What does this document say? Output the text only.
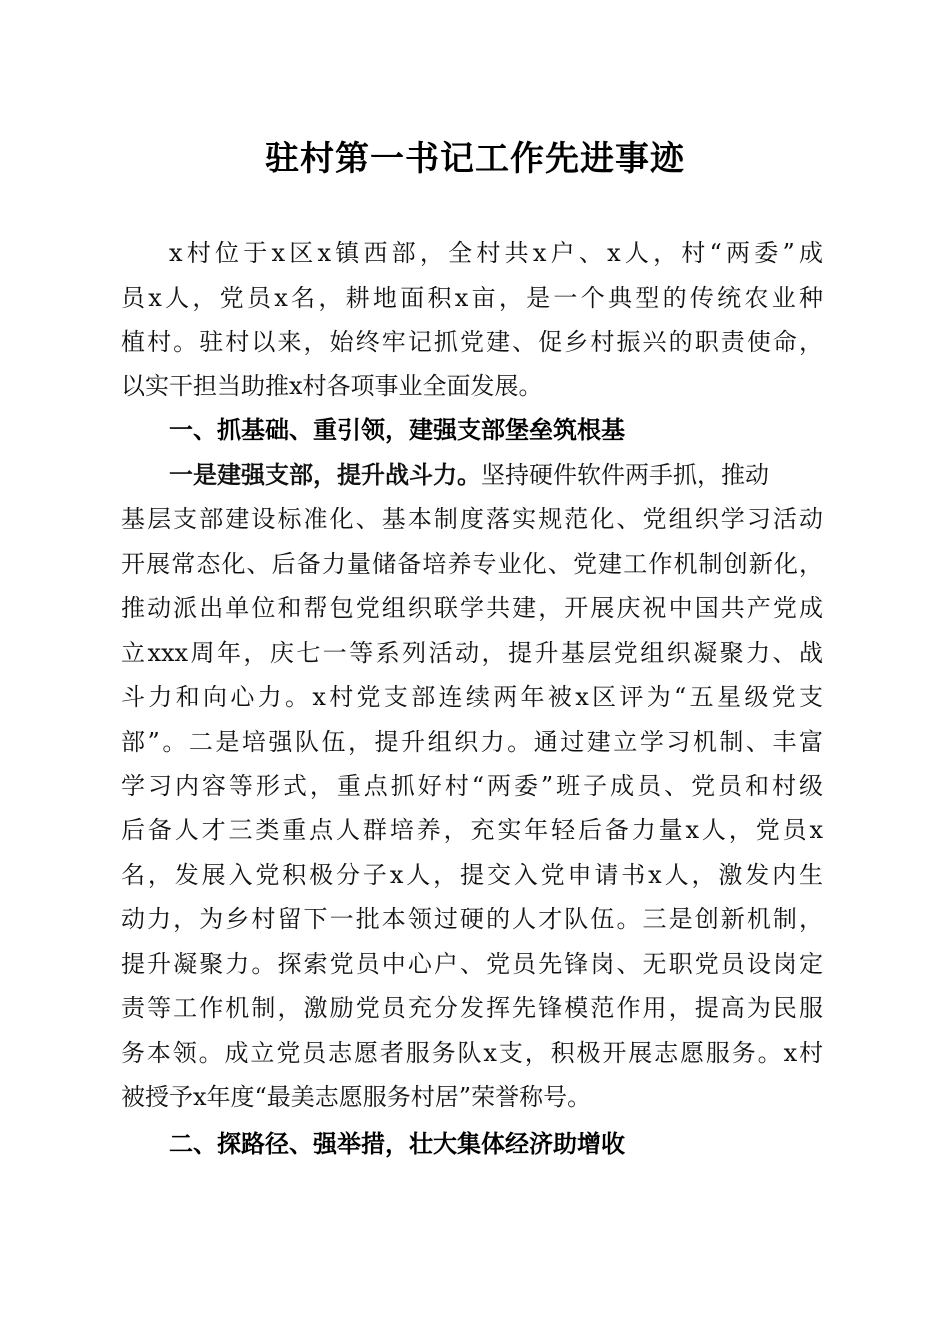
驻村第一书记工作先进事迹
x村位于x区x镇西部，全村共x户、x人，村“两委”成
员x人，党员x名，耕地面积x亩，是一个典型的传统农业种
植村。驻村以来，始终牢记抓党建、促乡村振兴的职责使命，
以实干担当助推x村各项事业全面发展。
一、抓基础、重引领，建强支部堡垒筑根基
一是建强支部，提升战斗力。坚持硬件软件两手抓，推动
基层支部建设标准化、基本制度落实规范化、党组织学习活动
开展常态化、后备力量储备培养专业化、党建工作机制创新化，
推动派出单位和帮包党组织联学共建，开展庆祝中国共产党成
立xxx周年，庆七一等系列活动，提升基层党组织凝聚力、战
斗力和向心力。x村党支部连续两年被x区评为“五星级党支
部”。二是培强队伍，提升组织力。通过建立学习机制、丰富
学习内容等形式，重点抓好村“两委”班子成员、党员和村级
后备人才三类重点人群培养，充实年轻后备力量x人，党员x
名，发展入党积极分子x人，提交入党申请书x人，激发内生
动力，为乡村留下一批本领过硬的人才队伍。三是创新机制，
提升凝聚力。探索党员中心户、党员先锋岗、无职党员设岗定
责等工作机制，激励党员充分发挥先锋模范作用，提高为民服
务本领。成立党员志愿者服务队x支，积极开展志愿服务。x村
被授予x年度“最美志愿服务村居”荣誉称号。
二、探路径、强举措，壮大集体经济助增收
